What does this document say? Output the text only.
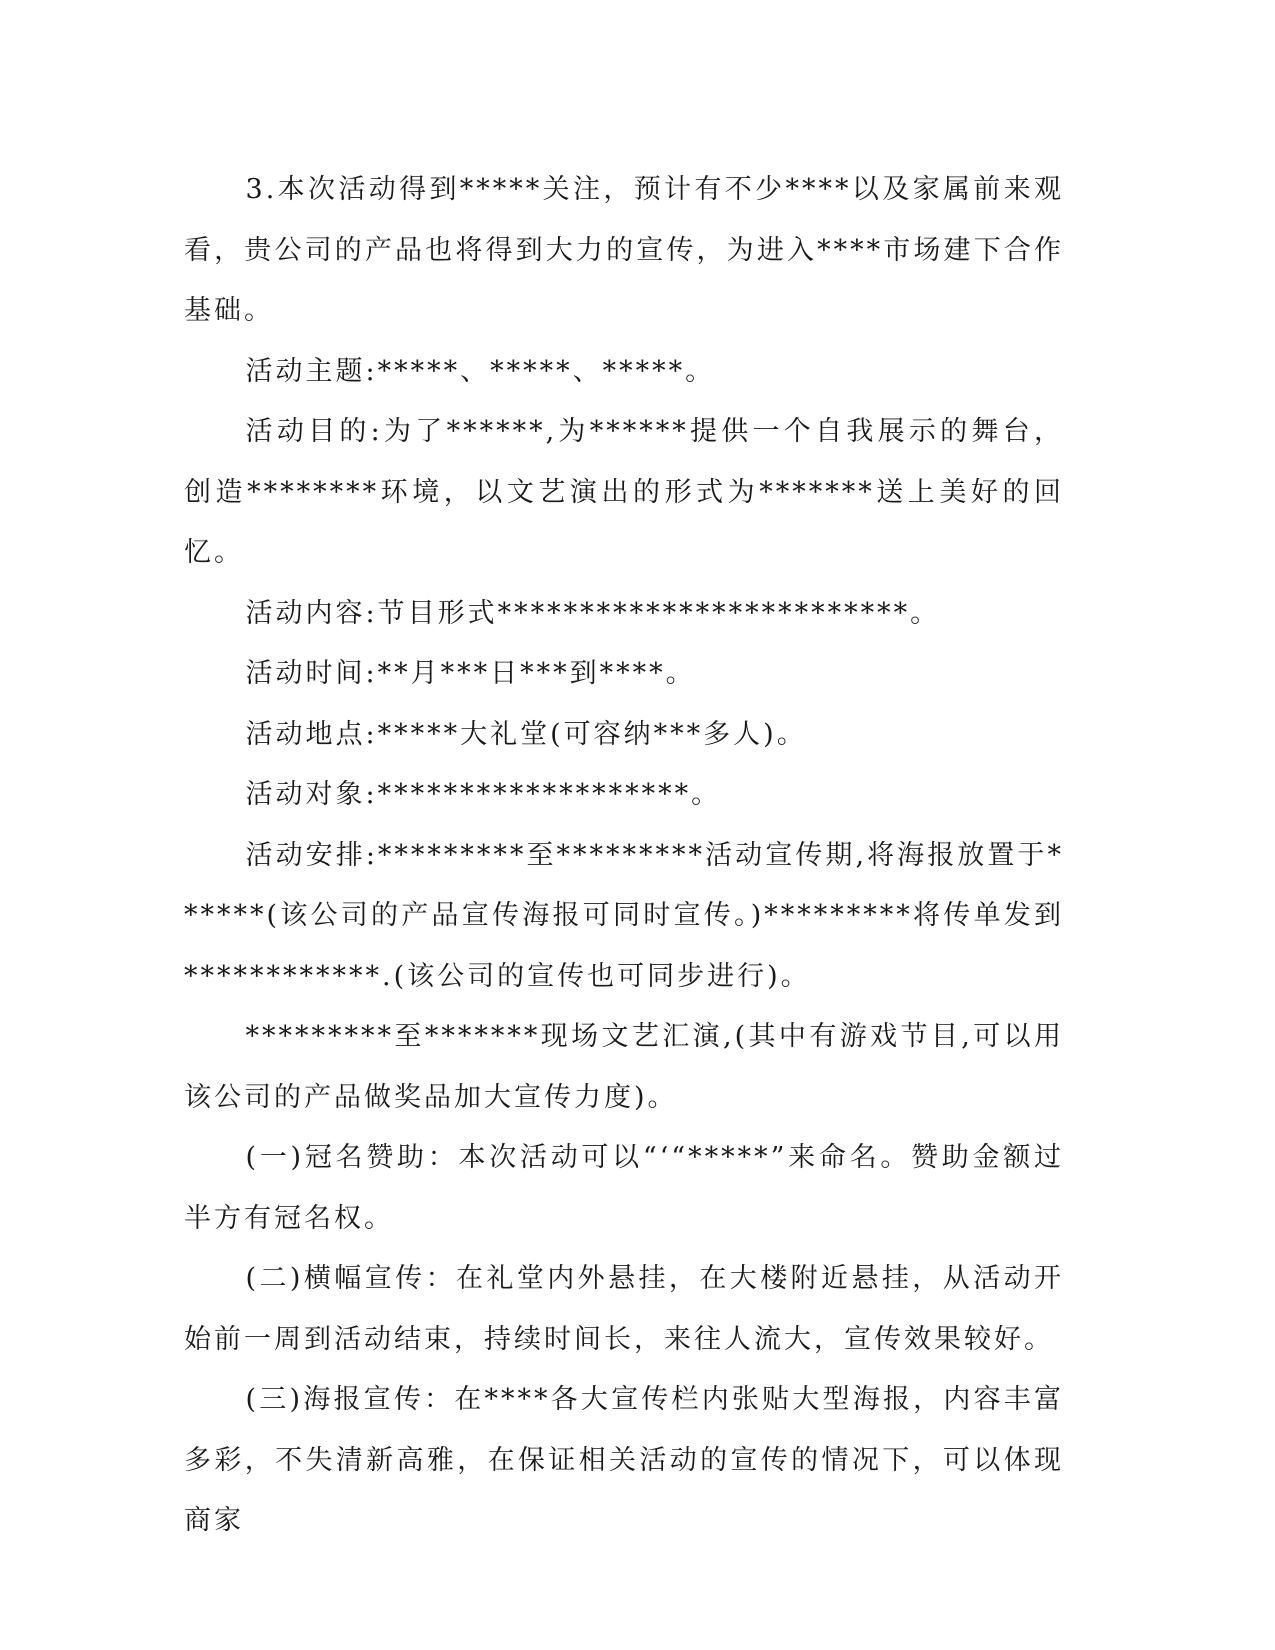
3.本次活动得到*****关注，预计有不少****以及家属前来观看，贵公司的产品也将得到大力的宣传，为进入****市场建下合作基础。

活动主题:*****、*****、*****。

活动目的:为了******,为******提供一个自我展示的舞台，创造********环境，以文艺演出的形式为*******送上美好的回忆。

活动内容:节目形式*************************。

活动时间:**月***日***到****。

活动地点:*****大礼堂(可容纳***多人)。

活动对象:*******************。

活动安排:*********至*********活动宣传期,将海报放置于******(该公司的产品宣传海报可同时宣传。)*********将传单发到************.(该公司的宣传也可同步进行)。

*********至*******现场文艺汇演,(其中有游戏节目,可以用该公司的产品做奖品加大宣传力度)。

(一)冠名赞助：本次活动可以“‘“*****”来命名。赞助金额过半方有冠名权。

(二)横幅宣传：在礼堂内外悬挂，在大楼附近悬挂，从活动开始前一周到活动结束，持续时间长，来往人流大，宣传效果较好。

(三)海报宣传：在****各大宣传栏内张贴大型海报，内容丰富多彩，不失清新高雅，在保证相关活动的宣传的情况下，可以体现商家
